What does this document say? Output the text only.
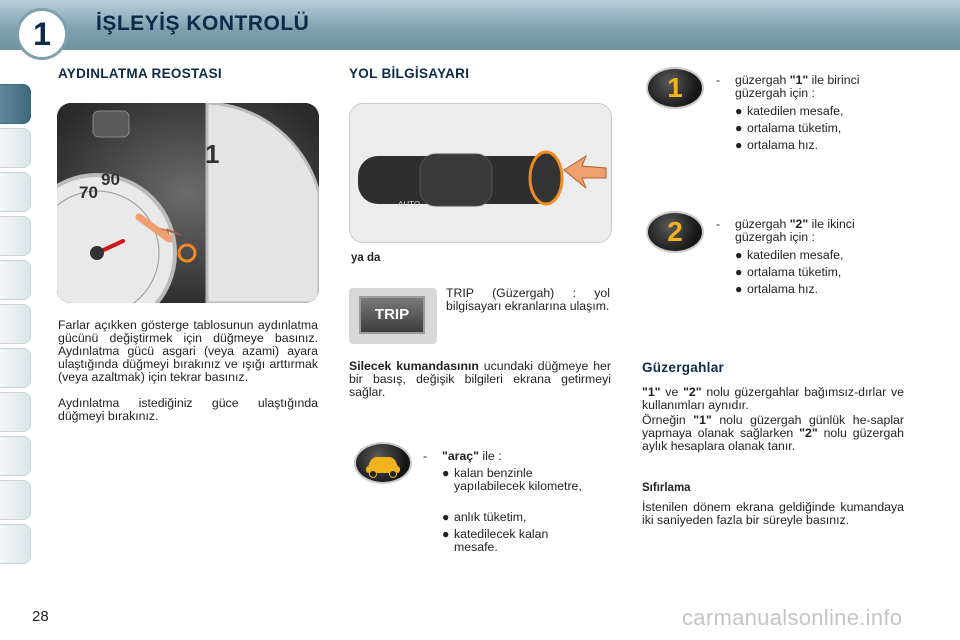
İŞLEYİŞ KONTROLÜ
1
AYDINLATMA REOSTASI
70
90
1
Farlar açıkken gösterge tablosunun aydınlatma gücünü değiştirmek için düğmeye basınız. Aydınlatma gücü asgari (veya azami) ayara ulaştığında düğmeyi bırakınız ve ışığı arttırmak (veya azaltmak) için tekrar basınız.
Aydınlatma istediğiniz güce ulaştığında düğmeyi bırakınız.
YOL BİLGİSAYARI
AUTO
ya da
TRIP
TRIP (Güzergah) : yol bilgisayarı ekranlarına ulaşım.
Silecek kumandasının ucundaki düğmeye her bir basış, değişik bilgileri ekrana getirmeyi sağlar.
- "araç" ile :
● kalan benzinle yapılabilecek kilometre,
● anlık tüketim,
● katedilecek kalan mesafe.
1	- güzergah "1" ile birinci güzergah için :
● katedilen mesafe,
● ortalama tüketim,
● ortalama hız.
2	- güzergah "2" ile ikinci güzergah için :
● katedilen mesafe,
● ortalama tüketim,
● ortalama hız.
Güzergahlar
"1" ve "2" nolu güzergahlar bağımsız-dırlar ve kullanımları aynıdır.
Örneğin "1" nolu güzergah günlük he-saplar yapmaya olanak sağlarken "2" nolu güzergah aylık hesaplara olanak tanır.
Sıfırlama
İstenilen dönem ekrana geldiğinde kumandaya iki saniyeden fazla bir süreyle basınız.
28	carmanualsonline.info
